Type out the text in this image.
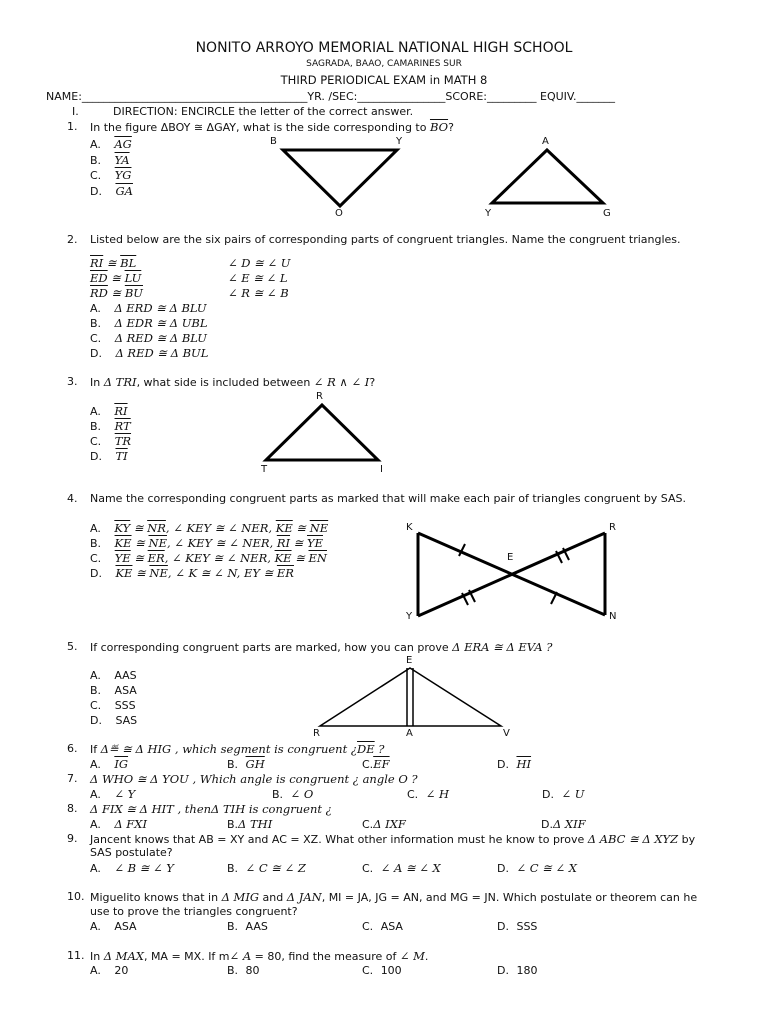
NONITO ARROYO MEMORIAL NATIONAL HIGH SCHOOL
SAGRADA, BAAO, CAMARINES SUR
THIRD PERIODICAL EXAM in MATH 8
NAME:_________________________________________YR. /SEC:________________SCORE:_________ EQUIV._______
I.	DIRECTION: ENCIRCLE the letter of the correct answer.
1. In the figure ΔBOY ≅ ΔGAY, what is the side corresponding to $\overline{BO}$?
A. $\overline{AG}$
B. $\overline{YA}$
C. $\overline{YG}$
D. $\overline{GA}$
B	Y
O
A
Y	G
2. Listed below are the six pairs of corresponding parts of congruent triangles. Name the congruent triangles.
$\overline{RI}$ ≅ $\overline{BL}$
$\overline{ED}$ ≅ $\overline{LU}$
$\overline{RD}$ ≅ $\overline{BU}$
∠ D ≅ ∠ U
∠ E ≅ ∠ L
∠ R ≅ ∠ B
A. Δ ERD ≅ Δ BLU
B. Δ EDR ≅ Δ UBL
C. Δ RED ≅ Δ BLU
D. Δ RED ≅ Δ BUL
3. In Δ TRI, what side is included between ∠ R ∧ ∠ I?
A. $\overline{RI}$
B. $\overline{RT}$
C. $\overline{TR}$
D. $\overline{TI}$
R
T	I
4. Name the corresponding congruent parts as marked that will make each pair of triangles congruent by SAS.
A. $\overline{KY}$ ≅ $\overline{NR}$, ∠ KEY ≅ ∠ NER, $\overline{KE}$ ≅ $\overline{NE}$
B. $\overline{KE}$ ≅ $\overline{NE}$, ∠ KEY ≅ ∠ NER, $\overline{RI}$ ≅ $\overline{YE}$
C. $\overline{YE}$ ≅ $\overline{ER}$, ∠ KEY ≅ ∠ NER, $\overline{KE}$ ≅ $\overline{EN}$
D. $\overline{KE}$ ≅ $\overline{NE}$, ∠ K ≅ ∠ N, EY ≅ $\overline{ER}$
K	R
E
Y	N
5. If corresponding congruent parts are marked, how you can prove Δ ERA ≅ Δ EVA ?
A. AAS
B. ASA
C. SSS
D. SAS
E
R	A	V
6. If Δ≝ ≅ Δ HIG , which segment is congruent ¿$\overline{DE}$ ?
A. $\overline{IG}$	B. $\overline{GH}$	$C.\overline{EF}$	D. $\overline{HI}$
7. Δ WHO ≅ Δ YOU , Which angle is congruent ¿ angle O ?
A. ∠ Y	B. ∠ O	C. ∠ H	D. ∠ U
8. Δ FIX ≅ Δ HIT , thenΔ TIH is congruent ¿
A. Δ FXI	B.Δ THI	C.Δ IXF	D.Δ XIF
9. Jancent knows that AB = XY and AC = XZ. What other information must he know to prove Δ ABC ≅ Δ XYZ by
SAS postulate?
A. ∠ B ≅ ∠ Y	B. ∠ C ≅ ∠ Z	C. ∠ A ≅ ∠ X	D. ∠ C ≅ ∠ X
10. Miguelito knows that in Δ MIG and Δ JAN, MI = JA, JG = AN, and MG = JN. Which postulate or theorem can he
use to prove the triangles congruent?
A. ASA	B. AAS	C. ASA	D. SSS
11. In Δ MAX, MA = MX. If m∠ A = 80, find the measure of ∠ M.
A. 20	B. 80	C. 100	D. 180
